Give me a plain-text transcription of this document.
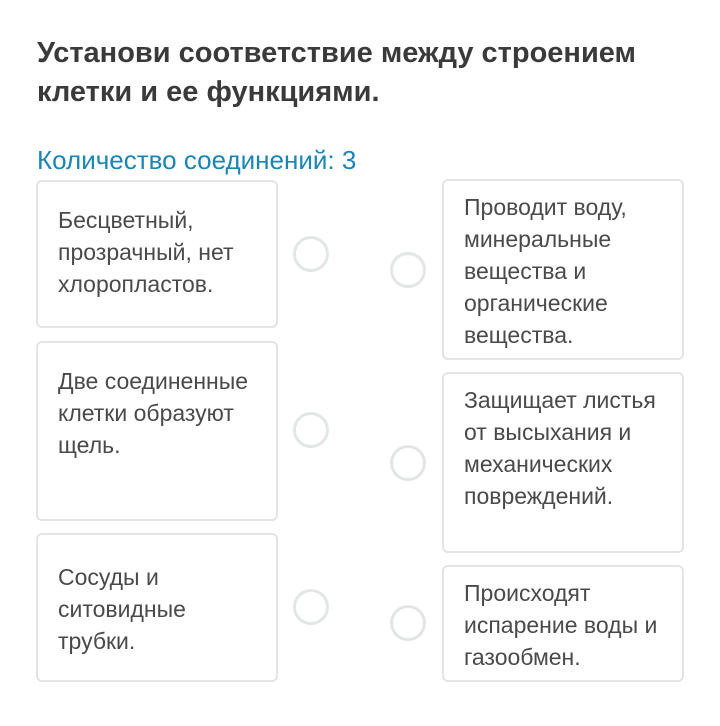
Установи соответствие между строением клетки и ее функциями.
Количество соединений: 3
Бесцветный, прозрачный, нет хлоропластов.
Две соединенные клетки образуют щель.
Сосуды и ситовидные трубки.
Проводит воду, минеральные вещества и органические вещества.
Защищает листья от высыхания и механических повреждений.
Происходят испарение воды и газообмен.
